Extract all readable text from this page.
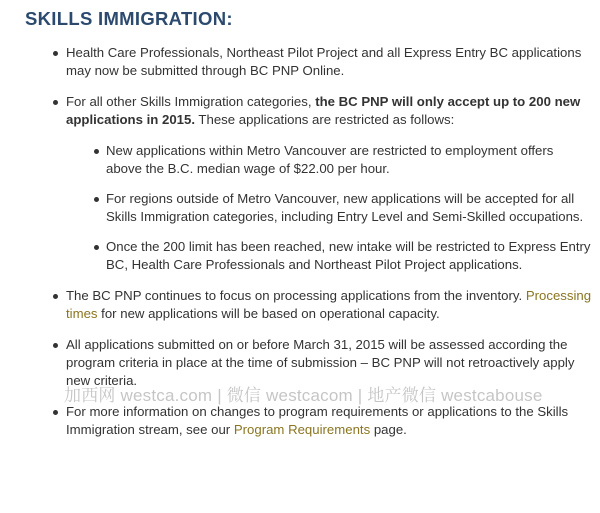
SKILLS IMMIGRATION:
Health Care Professionals, Northeast Pilot Project and all Express Entry BC applications may now be submitted through BC PNP Online.
For all other Skills Immigration categories, the BC PNP will only accept up to 200 new applications in 2015. These applications are restricted as follows:
New applications within Metro Vancouver are restricted to employment offers above the B.C. median wage of $22.00 per hour.
For regions outside of Metro Vancouver, new applications will be accepted for all Skills Immigration categories, including Entry Level and Semi-Skilled occupations.
Once the 200 limit has been reached, new intake will be restricted to Express Entry BC, Health Care Professionals and Northeast Pilot Project applications.
The BC PNP continues to focus on processing applications from the inventory. Processing times for new applications will be based on operational capacity.
All applications submitted on or before March 31, 2015 will be assessed according the program criteria in place at the time of submission – BC PNP will not retroactively apply new criteria.
For more information on changes to program requirements or applications to the Skills Immigration stream, see our Program Requirements page.
加西网 westca.com | 微信 westcacom | 地产微信 westcabouse
